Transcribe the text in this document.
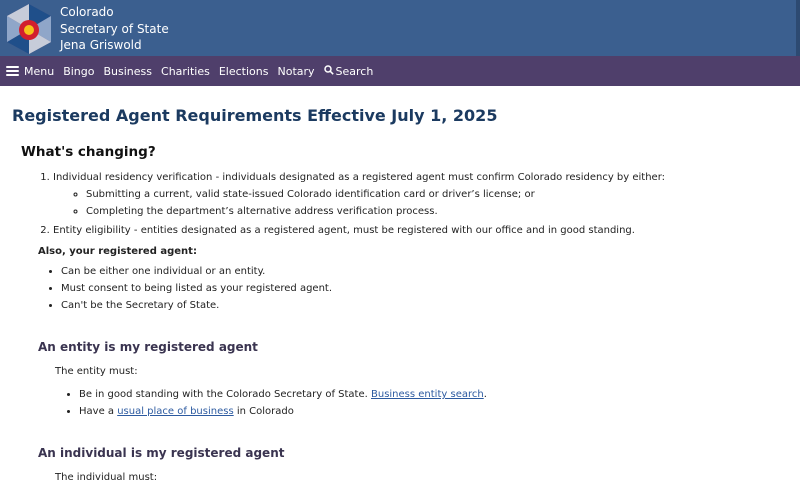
Colorado
Secretary of State
Jena Griswold
Menu Bingo Business Charities Elections Notary Search
Registered Agent Requirements Effective July 1, 2025
What's changing?
1. Individual residency verification - individuals designated as a registered agent must confirm Colorado residency by either:
◦ Submitting a current, valid state-issued Colorado identification card or driver’s license; or
◦ Completing the department’s alternative address verification process.
2. Entity eligibility - entities designated as a registered agent, must be registered with our office and in good standing.
Also, your registered agent:
• Can be either one individual or an entity.
• Must consent to being listed as your registered agent.
• Can't be the Secretary of State.
An entity is my registered agent
The entity must:
• Be in good standing with the Colorado Secretary of State. Business entity search.
• Have a usual place of business in Colorado
An individual is my registered agent
The individual must:
